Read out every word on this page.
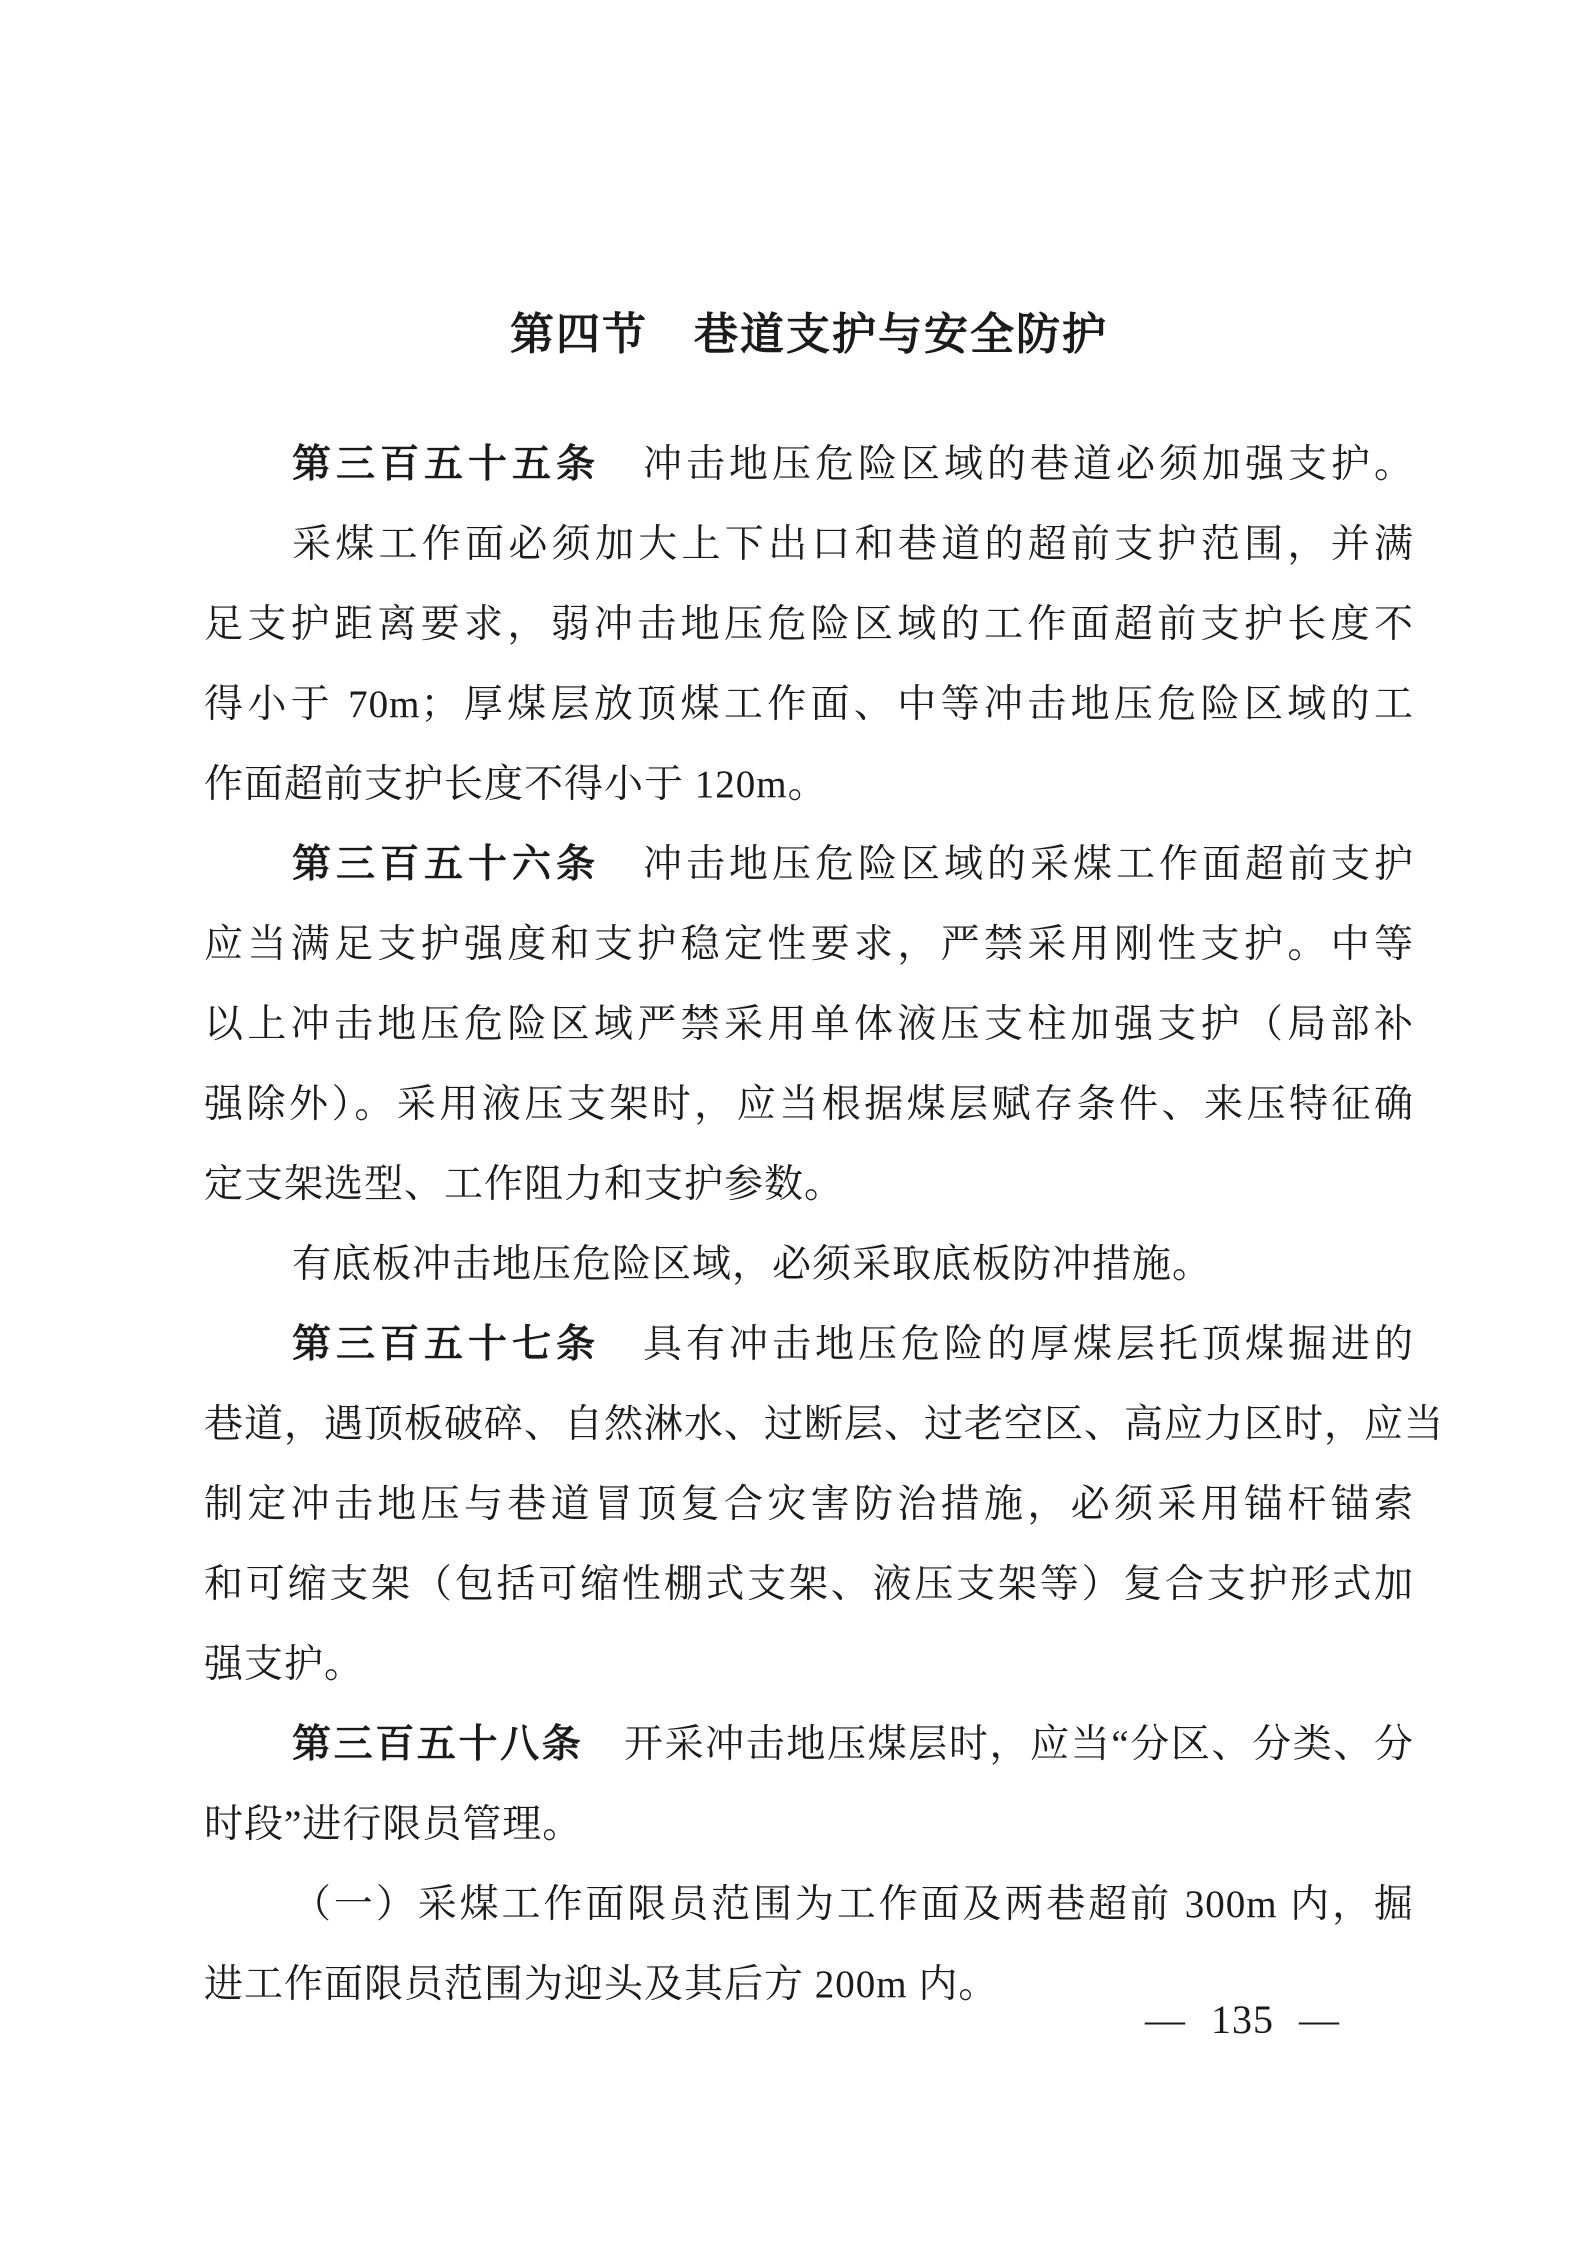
第四节　巷道支护与安全防护
第三百五十五条　冲击地压危险区域的巷道必须加强支护。
采煤工作面必须加大上下出口和巷道的超前支护范围，并满
足支护距离要求，弱冲击地压危险区域的工作面超前支护长度不
得小于 70m；厚煤层放顶煤工作面、中等冲击地压危险区域的工
作面超前支护长度不得小于 120m。
第三百五十六条　冲击地压危险区域的采煤工作面超前支护
应当满足支护强度和支护稳定性要求，严禁采用刚性支护。中等
以上冲击地压危险区域严禁采用单体液压支柱加强支护（局部补
强除外）。采用液压支架时，应当根据煤层赋存条件、来压特征确
定支架选型、工作阻力和支护参数。
有底板冲击地压危险区域，必须采取底板防冲措施。
第三百五十七条　具有冲击地压危险的厚煤层托顶煤掘进的
巷道，遇顶板破碎、自然淋水、过断层、过老空区、高应力区时，应当
制定冲击地压与巷道冒顶复合灾害防治措施，必须采用锚杆锚索
和可缩支架（包括可缩性棚式支架、液压支架等）复合支护形式加
强支护。
第三百五十八条　开采冲击地压煤层时，应当“分区、分类、分
时段”进行限员管理。
（一）采煤工作面限员范围为工作面及两巷超前 300m 内，掘
进工作面限员范围为迎头及其后方 200m 内。
— 135 —
